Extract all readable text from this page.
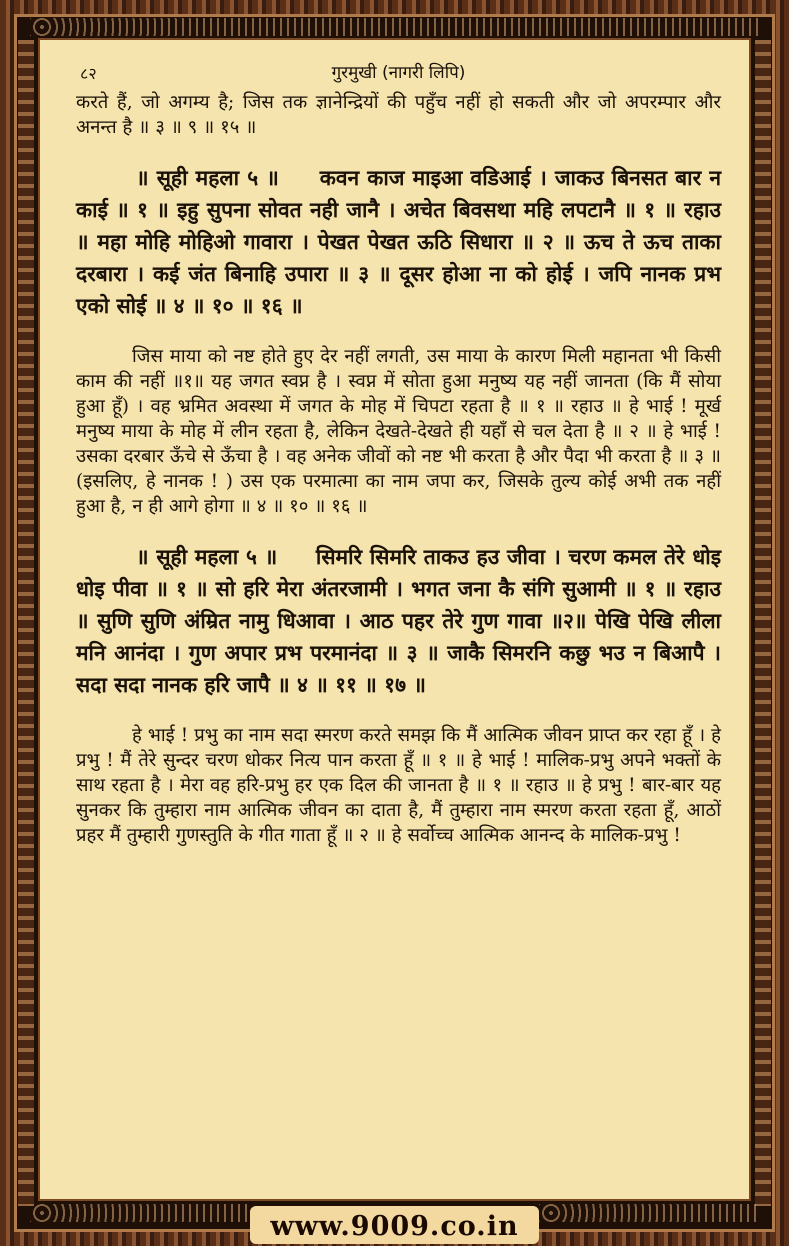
८२	गुरमुखी (नागरी लिपि)

करते हैं, जो अगम्य है; जिस तक ज्ञानेन्द्रियों की पहुँच नहीं हो सकती और जो अपरम्पार और अनन्त है ॥ ३ ॥ ९ ॥ १५ ॥

॥ सूही महला ५ ॥ कवन काज माइआ वडिआई । जाकउ बिनसत बार न काई ॥ १ ॥ इहु सुपना सोवत नही जानै । अचेत बिवसथा महि लपटानै ॥ १ ॥ रहाउ ॥ महा मोहि मोहिओ गावारा । पेखत पेखत ऊठि सिधारा ॥ २ ॥ ऊच ते ऊच ताका दरबारा । कई जंत बिनाहि उपारा ॥ ३ ॥ दूसर होआ ना को होई । जपि नानक प्रभ एको सोई ॥ ४ ॥ १० ॥ १६ ॥

जिस माया को नष्ट होते हुए देर नहीं लगती, उस माया के कारण मिली महानता भी किसी काम की नहीं ॥१॥ यह जगत स्वप्न है । स्वप्न में सोता हुआ मनुष्य यह नहीं जानता (कि मैं सोया हुआ हूँ) । वह भ्रमित अवस्था में जगत के मोह में चिपटा रहता है ॥ १ ॥ रहाउ ॥ हे भाई ! मूर्ख मनुष्य माया के मोह में लीन रहता है, लेकिन देखते-देखते ही यहाँ से चल देता है ॥ २ ॥ हे भाई ! उसका दरबार ऊँचे से ऊँचा है । वह अनेक जीवों को नष्ट भी करता है और पैदा भी करता है ॥ ३ ॥ (इसलिए, हे नानक ! ) उस एक परमात्मा का नाम जपा कर, जिसके तुल्य कोई अभी तक नहीं हुआ है, न ही आगे होगा ॥ ४ ॥ १० ॥ १६ ॥

॥ सूही महला ५ ॥ सिमरि सिमरि ताकउ हउ जीवा । चरण कमल तेरे धोइ धोइ पीवा ॥ १ ॥ सो हरि मेरा अंतरजामी । भगत जना कै संगि सुआमी ॥ १ ॥ रहाउ ॥ सुणि सुणि अंम्रित नामु धिआवा । आठ पहर तेरे गुण गावा ॥२॥ पेखि पेखि लीला मनि आनंदा । गुण अपार प्रभ परमानंदा ॥ ३ ॥ जाकै सिमरनि कछु भउ न बिआपै । सदा सदा नानक हरि जापै ॥ ४ ॥ ११ ॥ १७ ॥

हे भाई ! प्रभु का नाम सदा स्मरण करते समझ कि मैं आत्मिक जीवन प्राप्त कर रहा हूँ । हे प्रभु ! मैं तेरे सुन्दर चरण धोकर नित्य पान करता हूँ ॥ १ ॥ हे भाई ! मालिक-प्रभु अपने भक्तों के साथ रहता है । मेरा वह हरि-प्रभु हर एक दिल की जानता है ॥ १ ॥ रहाउ ॥ हे प्रभु ! बार-बार यह सुनकर कि तुम्हारा नाम आत्मिक जीवन का दाता है, मैं तुम्हारा नाम स्मरण करता रहता हूँ, आठों प्रहर मैं तुम्हारी गुणस्तुति के गीत गाता हूँ ॥ २ ॥ हे सर्वोच्च आत्मिक आनन्द के मालिक-प्रभु !

www.9009.co.in
